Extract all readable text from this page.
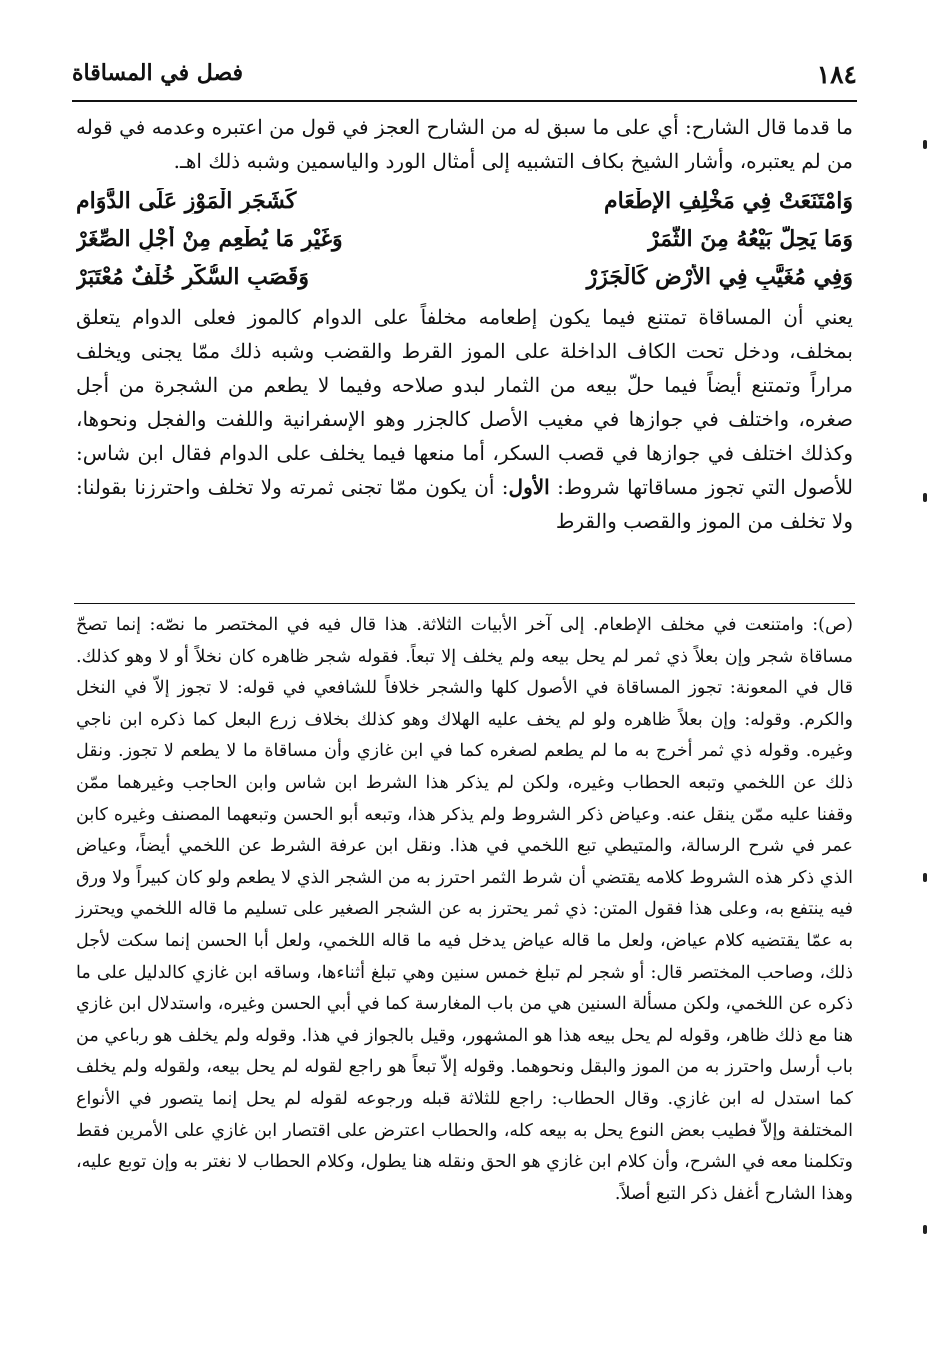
١٨٤
فصل في المساقاة

ما قدما قال الشارح: أي على ما سبق له من الشارح العجز في قول من اعتبره وعدمه في قوله من لم يعتبره، وأشار الشيخ بكاف التشبيه إلى أمثال الورد والياسمين وشبه ذلك اهـ.

وَامْتَنَعَتْ فِي مَخْلِفِ الإِطْعَامِ
كَشَجَرِ الْمَوْزِ عَلَى الدَّوَامِ
وَمَا يَحِلُّ بَيْعُهُ مِنَ الثَّمَرْ
وَغَيْرِ مَا يُطْعِمِ مِنْ أَجْلِ الصِّغَرْ
وَفِي مُغَيَّبٍ فِي الأَرْضِ كَالْجَزَرْ
وَقَصَبِ السُّكَّرِ خُلْفٌ مُعْتَبَرْ

يعني أن المساقاة تمتنع فيما يكون إطعامه مخلفاً على الدوام كالموز فعلى الدوام يتعلق بمخلف، ودخل تحت الكاف الداخلة على الموز القرط والقضب وشبه ذلك ممّا يجنى ويخلف مراراً وتمتنع أيضاً فيما حلّ بيعه من الثمار لبدو صلاحه وفيما لا يطعم من الشجرة من أجل صغره، واختلف في جوازها في مغيب الأصل كالجزر وهو الإسفرانية واللفت والفجل ونحوها، وكذلك اختلف في جوازها في قصب السكر، أما منعها فيما يخلف على الدوام فقال ابن شاس: للأصول التي تجوز مساقاتها شروط: الأول: أن يكون ممّا تجنى ثمرته ولا تخلف واحترزنا بقولنا: ولا تخلف من الموز والقصب والقرط

(ص): وامتنعت في مخلف الإطعام. إلى آخر الأبيات الثلاثة. هذا قال فيه في المختصر ما نصّه: إنما تصحّ مساقاة شجر وإن بعلاً ذي ثمر لم يحل بيعه ولم يخلف إلا تبعاً. فقوله شجر ظاهره كان نخلاً أو لا وهو كذلك. قال في المعونة: تجوز المساقاة في الأصول كلها والشجر خلافاً للشافعي في قوله: لا تجوز إلاّ في النخل والكرم. وقوله: وإن بعلاً ظاهره ولو لم يخف عليه الهلاك وهو كذلك بخلاف زرع البعل كما ذكره ابن ناجي وغيره. وقوله ذي ثمر أخرج به ما لم يطعم لصغره كما في ابن غازي وأن مساقاة ما لا يطعم لا تجوز. ونقل ذلك عن اللخمي وتبعه الحطاب وغيره، ولكن لم يذكر هذا الشرط ابن شاس وابن الحاجب وغيرهما ممّن وقفنا عليه ممّن ينقل عنه. وعياض ذكر الشروط ولم يذكر هذا، وتبعه أبو الحسن وتبعهما المصنف وغيره كابن عمر في شرح الرسالة، والمتيطي تبع اللخمي في هذا. ونقل ابن عرفة الشرط عن اللخمي أيضاً، وعياض الذي ذكر هذه الشروط كلامه يقتضي أن شرط الثمر احترز به من الشجر الذي لا يطعم ولو كان كبيراً ولا ورق فيه ينتفع به، وعلى هذا فقول المتن: ذي ثمر يحترز به عن الشجر الصغير على تسليم ما قاله اللخمي ويحترز به عمّا يقتضيه كلام عياض، ولعل ما قاله عياض يدخل فيه ما قاله اللخمي، ولعل أبا الحسن إنما سكت لأجل ذلك، وصاحب المختصر قال: أو شجر لم تبلغ خمس سنين وهي تبلغ أثناءها، وساقه ابن غازي كالدليل على ما ذكره عن اللخمي، ولكن مسألة السنين هي من باب المغارسة كما في أبي الحسن وغيره، واستدلال ابن غازي هنا مع ذلك ظاهر، وقوله لم يحل بيعه هذا هو المشهور، وقيل بالجواز في هذا. وقوله ولم يخلف هو رباعي من باب أرسل واحترز به من الموز والبقل ونحوهما. وقوله إلاّ تبعاً هو راجع لقوله لم يحل بيعه، ولقوله ولم يخلف كما استدل له ابن غازي. وقال الحطاب: راجع للثلاثة قبله ورجوعه لقوله لم يحل إنما يتصور في الأنواع المختلفة وإلاّ فطيب بعض النوع يحل به بيعه كله، والحطاب اعترض على اقتصار ابن غازي على الأمرين فقط وتكلمنا معه في الشرح، وأن كلام ابن غازي هو الحق ونقله هنا يطول، وكلام الحطاب لا نغتر به وإن توبع عليه، وهذا الشارح أغفل ذكر التبع أصلاً.
